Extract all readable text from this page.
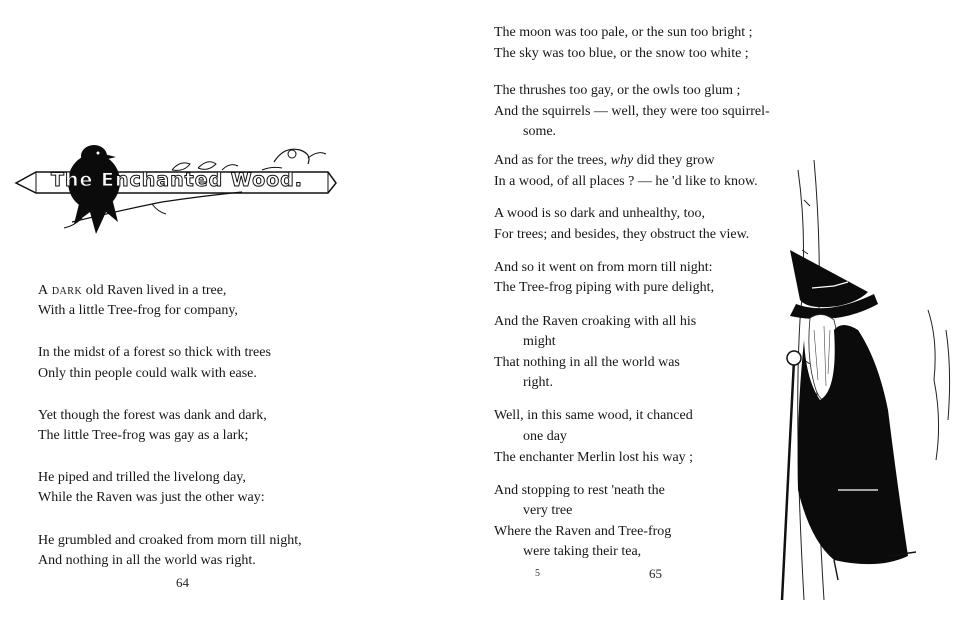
The Enchanted Wood.
A dark old Raven lived in a tree,
With a little Tree-frog for company,
In the midst of a forest so thick with trees
Only thin people could walk with ease.
Yet though the forest was dank and dark,
The little Tree-frog was gay as a lark;
He piped and trilled the livelong day,
While the Raven was just the other way:
He grumbled and croaked from morn till night,
And nothing in all the world was right.
64
The moon was too pale, or the sun too bright ;
The sky was too blue, or the snow too white ;
The thrushes too gay, or the owls too glum ;
And the squirrels — well, they were too squirrel-
some.
And as for the trees, why did they grow
In a wood, of all places ? — he 'd like to know.
A wood is so dark and unhealthy, too,
For trees; and besides, they obstruct the view.
And so it went on from morn till night:
The Tree-frog piping with pure delight,
And the Raven croaking with all his
might
That nothing in all the world was
right.
Well, in this same wood, it chanced
one day
The enchanter Merlin lost his way ;
And stopping to rest 'neath the
very tree
Where the Raven and Tree-frog
were taking their tea,
5	65
